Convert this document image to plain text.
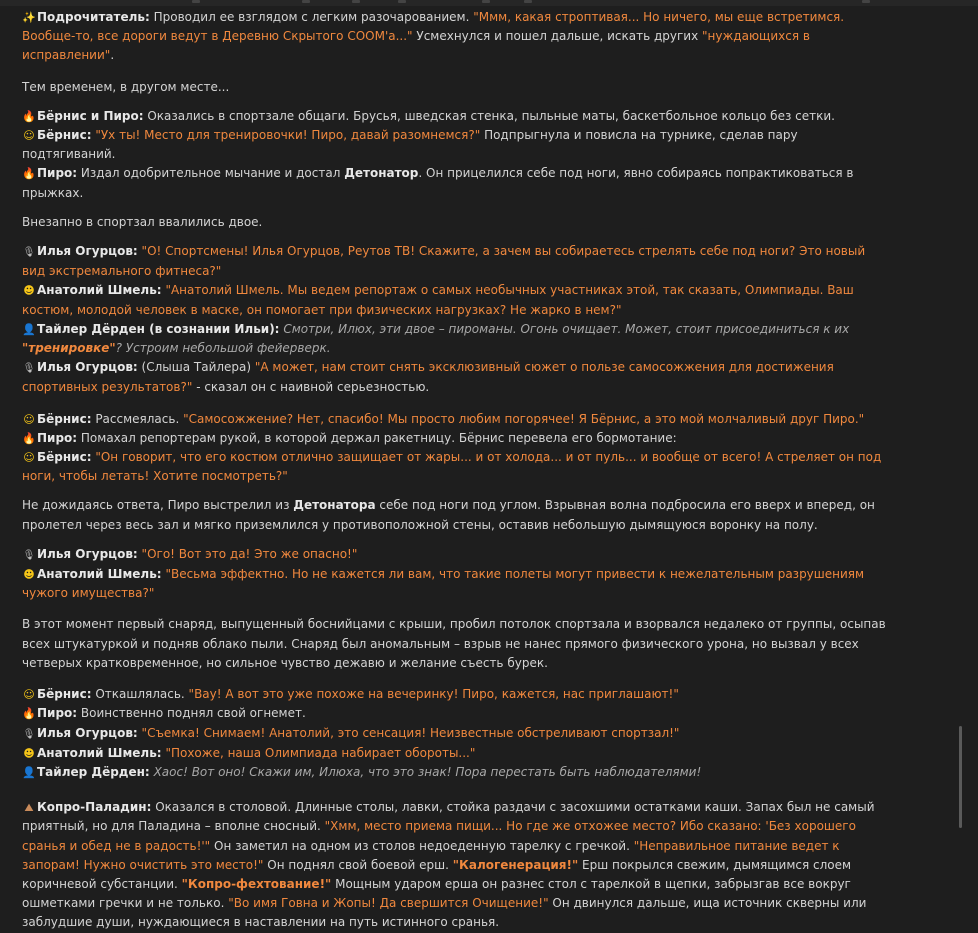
✨Подрочитатель: Проводил ее взглядом с легким разочарованием. "Ммм, какая строптивая... Но ничего, мы еще встретимся. Вообще-то, все дороги ведут в Деревню Скрытого СООМ'а..." Усмехнулся и пошел дальше, искать других "нуждающихся в исправлении".

Тем временем, в другом месте...

🔥Бёрнис и Пиро: Оказались в спортзале общаги. Брусья, шведская стенка, пыльные маты, баскетбольное кольцо без сетки.

☺ Бёрнис: "Ух ты! Место для тренировочки! Пиро, давай разомнемся?" Подпрыгнула и повисла на турнике, сделав пару подтягиваний.

🔥Пиро: Издал одобрительное мычание и достал Детонатор. Он прицелился себе под ноги, явно собираясь попрактиковаться в прыжках.

Внезапно в спортзал ввалились двое.

🎙 Илья Огурцов: "О! Спортсмены! Илья Огурцов, Реутов ТВ! Скажите, а зачем вы собираетесь стрелять себе под ноги? Это новый вид экстремального фитнеса?"

☻ Анатолий Шмель: "Анатолий Шмель. Мы ведем репортаж о самых необычных участниках этой, так сказать, Олимпиады. Ваш костюм, молодой человек в маске, он помогает при физических нагрузках? Не жарко в нем?"

👤Тайлер Дёрден (в сознании Ильи): Смотри, Илюх, эти двое – пироманы. Огонь очищает. Может, стоит присоединиться к их "тренировке"? Устроим небольшой фейерверк.

🎙 Илья Огурцов: (Слыша Тайлера) "А может, нам стоит снять эксклюзивный сюжет о пользе самосожжения для достижения спортивных результатов?" - сказал он с наивной серьезностью.

☺ Бёрнис: Рассмеялась. "Самосожжение? Нет, спасибо! Мы просто любим погорячее! Я Бёрнис, а это мой молчаливый друг Пиро."

🔥Пиро: Помахал репортерам рукой, в которой держал ракетницу. Бёрнис перевела его бормотание:

☺ Бёрнис: "Он говорит, что его костюм отлично защищает от жары... и от холода... и от пуль... и вообще от всего! А стреляет он под ноги, чтобы летать! Хотите посмотреть?"

Не дожидаясь ответа, Пиро выстрелил из Детонатора себе под ноги под углом. Взрывная волна подбросила его вверх и вперед, он пролетел через весь зал и мягко приземлился у противоположной стены, оставив небольшую дымящуюся воронку на полу.

🎙 Илья Огурцов: "Ого! Вот это да! Это же опасно!"

☻ Анатолий Шмель: "Весьма эффектно. Но не кажется ли вам, что такие полеты могут привести к нежелательным разрушениям чужого имущества?"

В этот момент первый снаряд, выпущенный боснийцами с крыши, пробил потолок спортзала и взорвался недалеко от группы, осыпав всех штукатуркой и подняв облако пыли. Снаряд был аномальным – взрыв не нанес прямого физического урона, но вызвал у всех четверых кратковременное, но сильное чувство дежавю и желание съесть бурек.

☺ Бёрнис: Откашлялась. "Вау! А вот это уже похоже на вечеринку! Пиро, кажется, нас приглашают!"

🔥Пиро: Воинственно поднял свой огнемет.

🎙 Илья Огурцов: "Съемка! Снимаем! Анатолий, это сенсация! Неизвестные обстреливают спортзал!"

☻ Анатолий Шмель: "Похоже, наша Олимпиада набирает обороты..."

👤Тайлер Дёрден: Хаос! Вот оно! Скажи им, Илюха, что это знак! Пора перестать быть наблюдателями!

⛰ Копро-Паладин: Оказался в столовой. Длинные столы, лавки, стойка раздачи с засохшими остатками каши. Запах был не самый приятный, но для Паладина – вполне сносный. "Хмм, место приема пищи... Но где же отхожее место? Ибо сказано: 'Без хорошего сранья и обед не в радость!'" Он заметил на одном из столов недоеденную тарелку с гречкой. "Неправильное питание ведет к запорам! Нужно очистить это место!" Он поднял свой боевой ерш. "Калогенерация!" Ерш покрылся свежим, дымящимся слоем коричневой субстанции. "Копро-фехтование!" Мощным ударом ерша он разнес стол с тарелкой в щепки, забрызгав все вокруг ошметками гречки и не только. "Во имя Говна и Жопы! Да свершится Очищение!" Он двинулся дальше, ища источник скверны или заблудшие души, нуждающиеся в наставлении на путь истинного сранья.
